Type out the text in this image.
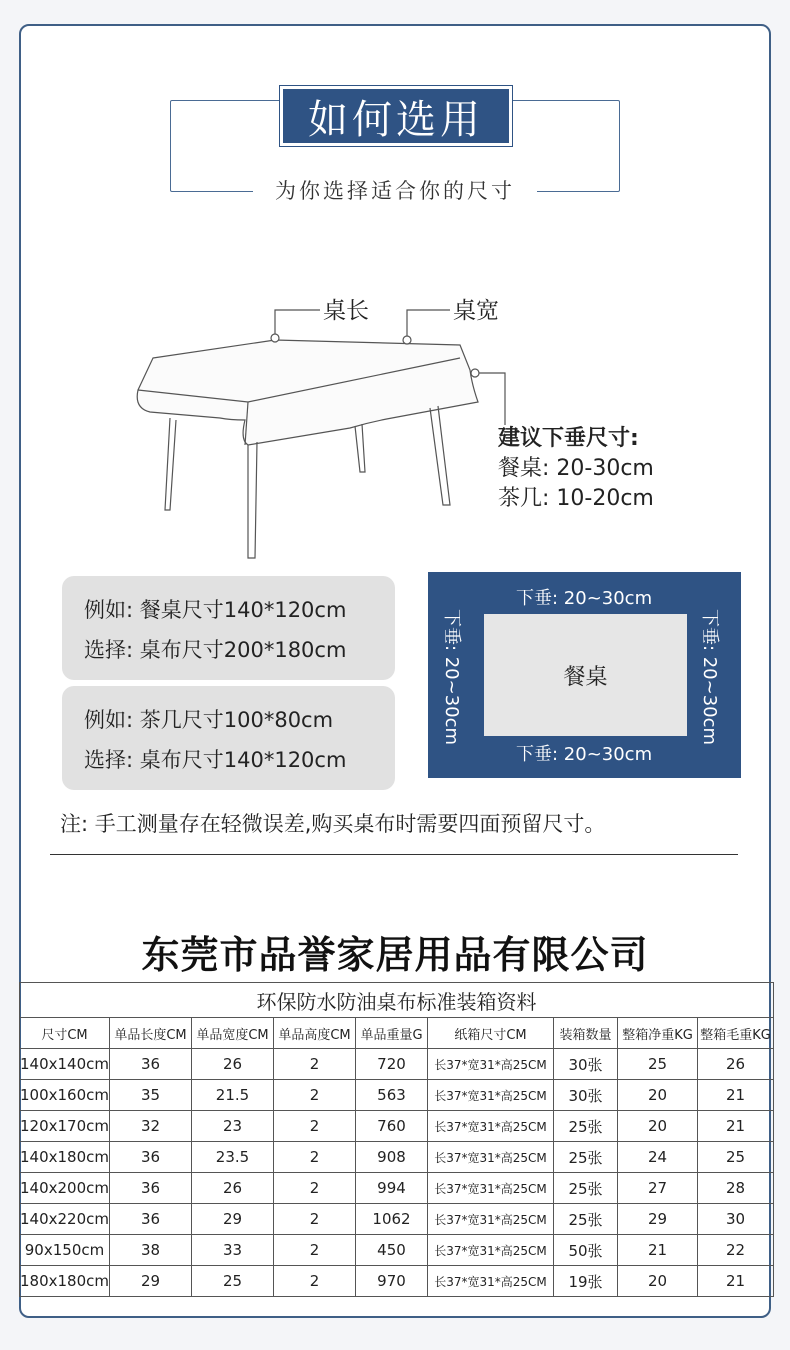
如何选用
为你选择适合你的尺寸
桌长	桌宽
建议下垂尺寸:
餐桌: 20-30cm
茶几: 10-20cm
例如: 餐桌尺寸140*120cm
选择: 桌布尺寸200*180cm
例如: 茶几尺寸100*80cm
选择: 桌布尺寸140*120cm
下垂: 20~30cm
餐桌
下垂: 20~30cm
下垂: 20~30cm	下垂: 20~30cm
注: 手工测量存在轻微误差,购买桌布时需要四面预留尺寸。
东莞市品誉家居用品有限公司
环保防水防油桌布标准装箱资料								
尺寸CM	单品长度CM	单品宽度CM	单品高度CM	单品重量G	纸箱尺寸CM	装箱数量	整箱净重KG	整箱毛重KG
140x140cm	36	26	2	720	长37*宽31*高25CM	30张	25	26
100x160cm	35	21.5	2	563	长37*宽31*高25CM	30张	20	21
120x170cm	32	23	2	760	长37*宽31*高25CM	25张	20	21
140x180cm	36	23.5	2	908	长37*宽31*高25CM	25张	24	25
140x200cm	36	26	2	994	长37*宽31*高25CM	25张	27	28
140x220cm	36	29	2	1062	长37*宽31*高25CM	25张	29	30
90x150cm	38	33	2	450	长37*宽31*高25CM	50张	21	22
180x180cm	29	25	2	970	长37*宽31*高25CM	19张	20	21
